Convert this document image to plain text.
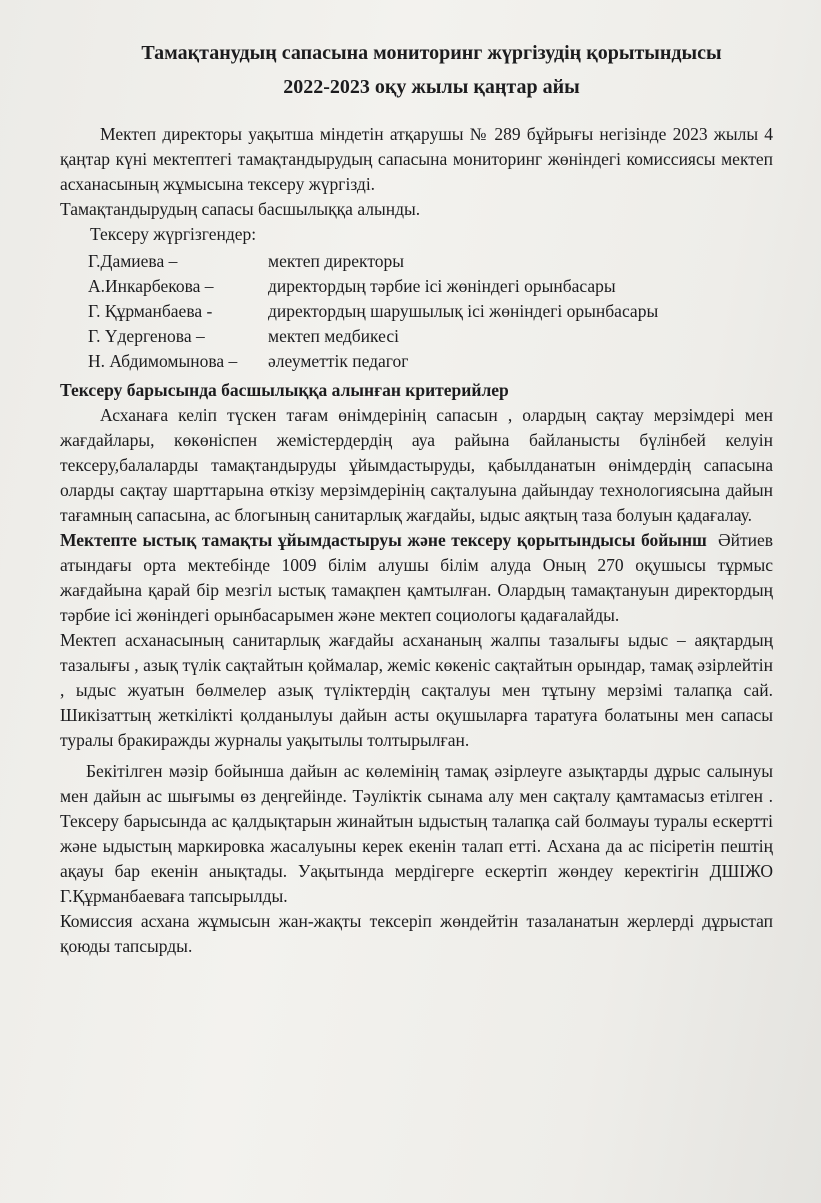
Тамақтанудың сапасына мониторинг жүргізудің қорытындысы
2022-2023 оқу жылы қаңтар айы

Мектеп директоры уақытша міндетін атқарушы № 289 бұйрығы негізінде 2023 жылы 4 қаңтар күні мектептегі тамақтандырудың сапасына мониторинг жөніндегі комиссиясы мектеп асханасының жұмысына тексеру жүргізді.

Тамақтандырудың сапасы басшылыққа алынды.

Тексеру жүргізгендер:
Г.Дамиева –	мектеп директоры
А.Инкарбекова –	директордың тәрбие ісі жөніндегі орынбасары
Г. Құрманбаева -	директордың шарушылық ісі жөніндегі орынбасары
Г. Үдергенова –	мектеп медбикесі
Н. Абдимомынова –	әлеуметтік педагог
Тексеру барысында басшылыққа алынған критерийлер

Асханаға келіп түскен тағам өнімдерінің сапасын , олардың сақтау мерзімдері мен жағдайлары, көкөніспен жемістердердің ауа райына байланысты бүлінбей келуін тексеру,балаларды тамақтандыруды ұйымдастыруды, қабылданатын өнімдердің сапасына оларды сақтау шарттарына өткізу мерзімдерінің сақталуына дайындау технологиясына дайын тағамның сапасына, ас блогының санитарлық жағдайы, ыдыс аяқтың таза болуын қадағалау.

Мектепте ыстық тамақты ұйымдастыруы және тексеру қорытындысы бойынш Әйтиев атындағы орта мектебінде 1009 білім алушы білім алуда Оның 270 оқушысы тұрмыс жағдайына қарай бір мезгіл ыстық тамақпен қамтылған. Олардың тамақтануын директордың тәрбие ісі жөніндегі орынбасарымен және мектеп социологы қадағалайды.

Мектеп асханасының санитарлық жағдайы асхананың жалпы тазалығы ыдыс – аяқтардың тазалығы , азық түлік сақтайтын қоймалар, жеміс көкеніс сақтайтын орындар, тамақ әзірлейтін , ыдыс жуатын бөлмелер азық түліктердің сақталуы мен тұтыну мерзімі талапқа сай. Шикізаттың жеткілікті қолданылуы дайын асты оқушыларға таратуға болатыны мен сапасы туралы бракиражды журналы уақытылы толтырылған.

Бекітілген мәзір бойынша дайын ас көлемінің тамақ әзірлеуге азықтарды дұрыс салынуы мен дайын ас шығымы өз деңгейінде. Тәуліктік сынама алу мен сақталу қамтамасыз етілген . Тексеру барысында ас қалдықтарын жинайтын ыдыстың талапқа сай болмауы туралы ескертті және ыдыстың маркировка жасалуыны керек екенін талап етті. Асхана да ас пісіретін пештің ақауы бар екенін анықтады. Уақытында мердігерге ескертіп жөндеу керектігін ДШІЖО Г.Құрманбаеваға тапсырылды.

Комиссия асхана жұмысын жан-жақты тексеріп жөндейтін тазаланатын жерлерді дұрыстап қоюды тапсырды.
